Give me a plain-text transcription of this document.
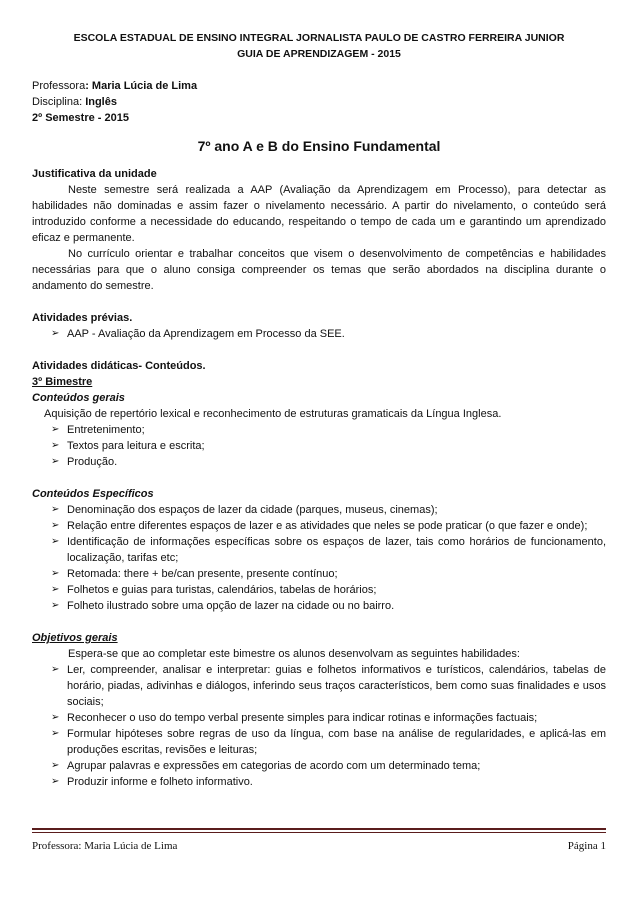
ESCOLA ESTADUAL DE ENSINO INTEGRAL JORNALISTA PAULO DE CASTRO FERREIRA JUNIOR
GUIA DE APRENDIZAGEM - 2015
Professora: Maria Lúcia de Lima
Disciplina: Inglês
2º Semestre - 2015
7º ano A e B do Ensino Fundamental
Justificativa da unidade
Neste semestre será realizada a AAP (Avaliação da Aprendizagem em Processo), para detectar as habilidades não dominadas e assim fazer o nivelamento necessário. A partir do nivelamento, o conteúdo será introduzido conforme a necessidade do educando, respeitando o tempo de cada um e garantindo um aprendizado eficaz e permanente.
No currículo orientar e trabalhar conceitos que visem o desenvolvimento de competências e habilidades necessárias para que o aluno consiga compreender os temas que serão abordados na disciplina durante o andamento do semestre.
Atividades prévias.
➢ AAP - Avaliação da Aprendizagem em Processo da SEE.
Atividades didáticas- Conteúdos.
3º Bimestre
Conteúdos gerais
Aquisição de repertório lexical e reconhecimento de estruturas gramaticais da Língua Inglesa.
➢ Entretenimento;
➢ Textos para leitura e escrita;
➢ Produção.
Conteúdos Específicos
➢ Denominação dos espaços de lazer da cidade (parques, museus, cinemas);
➢ Relação entre diferentes espaços de lazer e as atividades que neles se pode praticar (o que fazer e onde);
➢ Identificação de informações específicas sobre os espaços de lazer, tais como horários de funcionamento, localização, tarifas etc;
➢ Retomada: there + be/can presente, presente contínuo;
➢ Folhetos e guias para turistas, calendários, tabelas de horários;
➢ Folheto ilustrado sobre uma opção de lazer na cidade ou no bairro.
Objetivos gerais
Espera-se que ao completar este bimestre os alunos desenvolvam as seguintes habilidades:
➢ Ler, compreender, analisar e interpretar: guias e folhetos informativos e turísticos, calendários, tabelas de horário, piadas, adivinhas e diálogos, inferindo seus traços característicos, bem como suas finalidades e usos sociais;
➢ Reconhecer o uso do tempo verbal presente simples para indicar rotinas e informações factuais;
➢ Formular hipóteses sobre regras de uso da língua, com base na análise de regularidades, e aplicá-las em produções escritas, revisões e leituras;
➢ Agrupar palavras e expressões em categorias de acordo com um determinado tema;
➢ Produzir informe e folheto informativo.
Professora: Maria Lúcia de Lima	Página 1
